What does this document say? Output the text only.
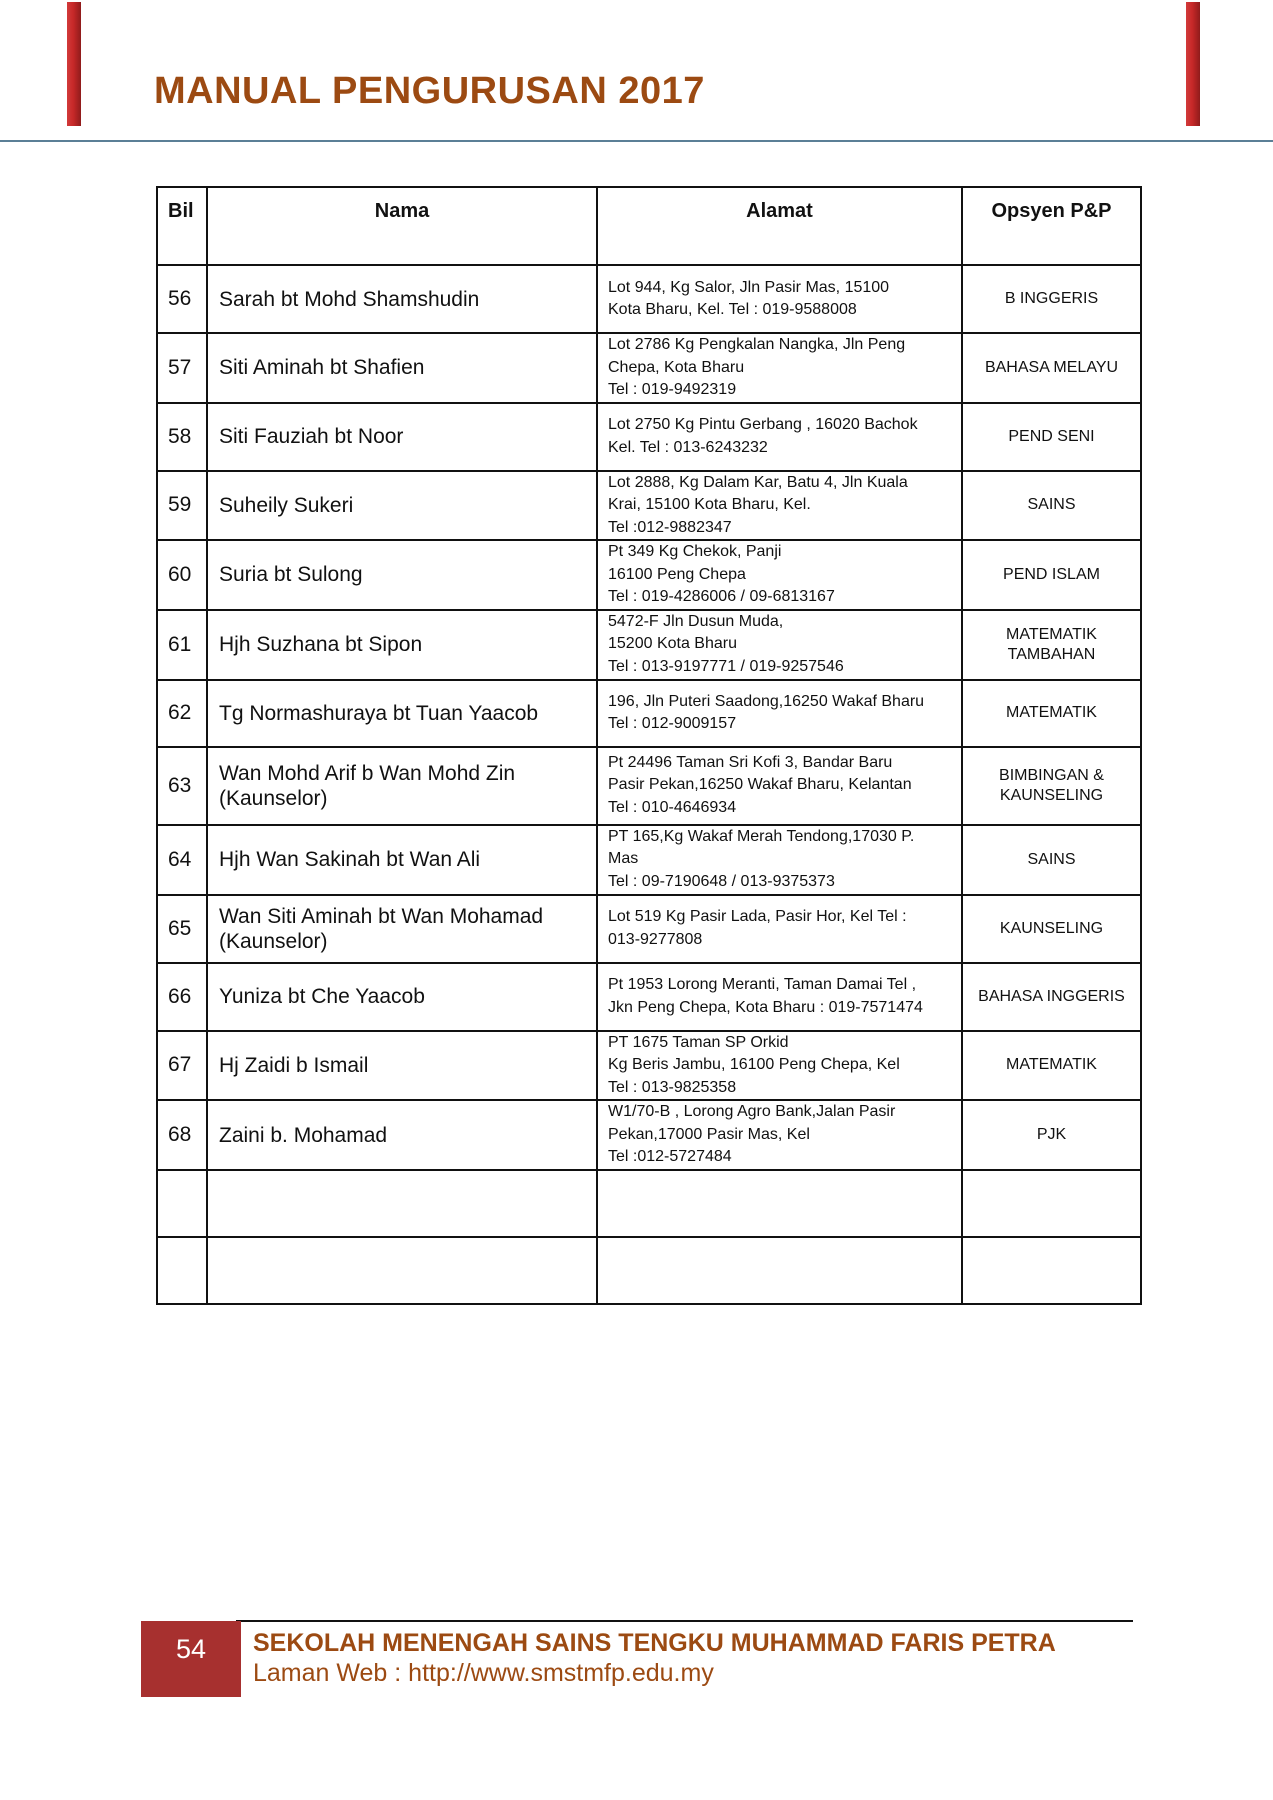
MANUAL PENGURUSAN 2017
Bil	Nama	Alamat	Opsyen P&P
56	Sarah bt Mohd Shamshudin	Lot 944, Kg Salor, Jln Pasir Mas, 15100
Kota Bharu, Kel. Tel : 019-9588008	B INGGERIS

57	Siti Aminah bt Shafien	Lot 2786 Kg Pengkalan Nangka, Jln Peng
Chepa, Kota Bharu
Tel : 019-9492319	BAHASA MELAYU

58	Siti Fauziah bt Noor	Lot 2750 Kg Pintu Gerbang , 16020 Bachok
Kel. Tel : 013-6243232	PEND SENI

59	Suheily Sukeri	Lot 2888, Kg Dalam Kar, Batu 4, Jln Kuala
Krai, 15100 Kota Bharu, Kel.
Tel :012-9882347	SAINS

60	Suria bt Sulong	Pt 349 Kg Chekok, Panji
16100 Peng Chepa
Tel : 019-4286006 / 09-6813167	PEND ISLAM

61	Hjh Suzhana bt Sipon	5472-F Jln Dusun Muda,
15200 Kota Bharu
Tel : 013-9197771 / 019-9257546	MATEMATIK
TAMBAHAN

62	Tg Normashuraya bt Tuan Yaacob	196, Jln Puteri Saadong,16250 Wakaf Bharu
Tel : 012-9009157	MATEMATIK

63	Wan Mohd Arif b Wan Mohd Zin
(Kaunselor)	Pt 24496 Taman Sri Kofi 3, Bandar Baru
Pasir Pekan,16250 Wakaf Bharu, Kelantan
Tel : 010-4646934	BIMBINGAN &
KAUNSELING

64	Hjh Wan Sakinah bt Wan Ali	PT 165,Kg Wakaf Merah Tendong,17030 P.
Mas
Tel : 09-7190648 / 013-9375373	SAINS

65	Wan Siti Aminah bt Wan Mohamad
(Kaunselor)	Lot 519 Kg Pasir Lada, Pasir Hor, Kel Tel :
013-9277808	KAUNSELING

66	Yuniza bt Che Yaacob	Pt 1953 Lorong Meranti, Taman Damai Tel ,
Jkn Peng Chepa, Kota Bharu : 019-7571474	BAHASA INGGERIS

67	Hj Zaidi b Ismail	PT 1675 Taman SP Orkid
Kg Beris Jambu, 16100 Peng Chepa, Kel
Tel : 013-9825358	MATEMATIK

68	Zaini b. Mohamad	W1/70-B , Lorong Agro Bank,Jalan Pasir
Pekan,17000 Pasir Mas, Kel
Tel :012-5727484	PJK

54	SEKOLAH MENENGAH SAINS TENGKU MUHAMMAD FARIS PETRA
Laman Web : http://www.smstmfp.edu.my
